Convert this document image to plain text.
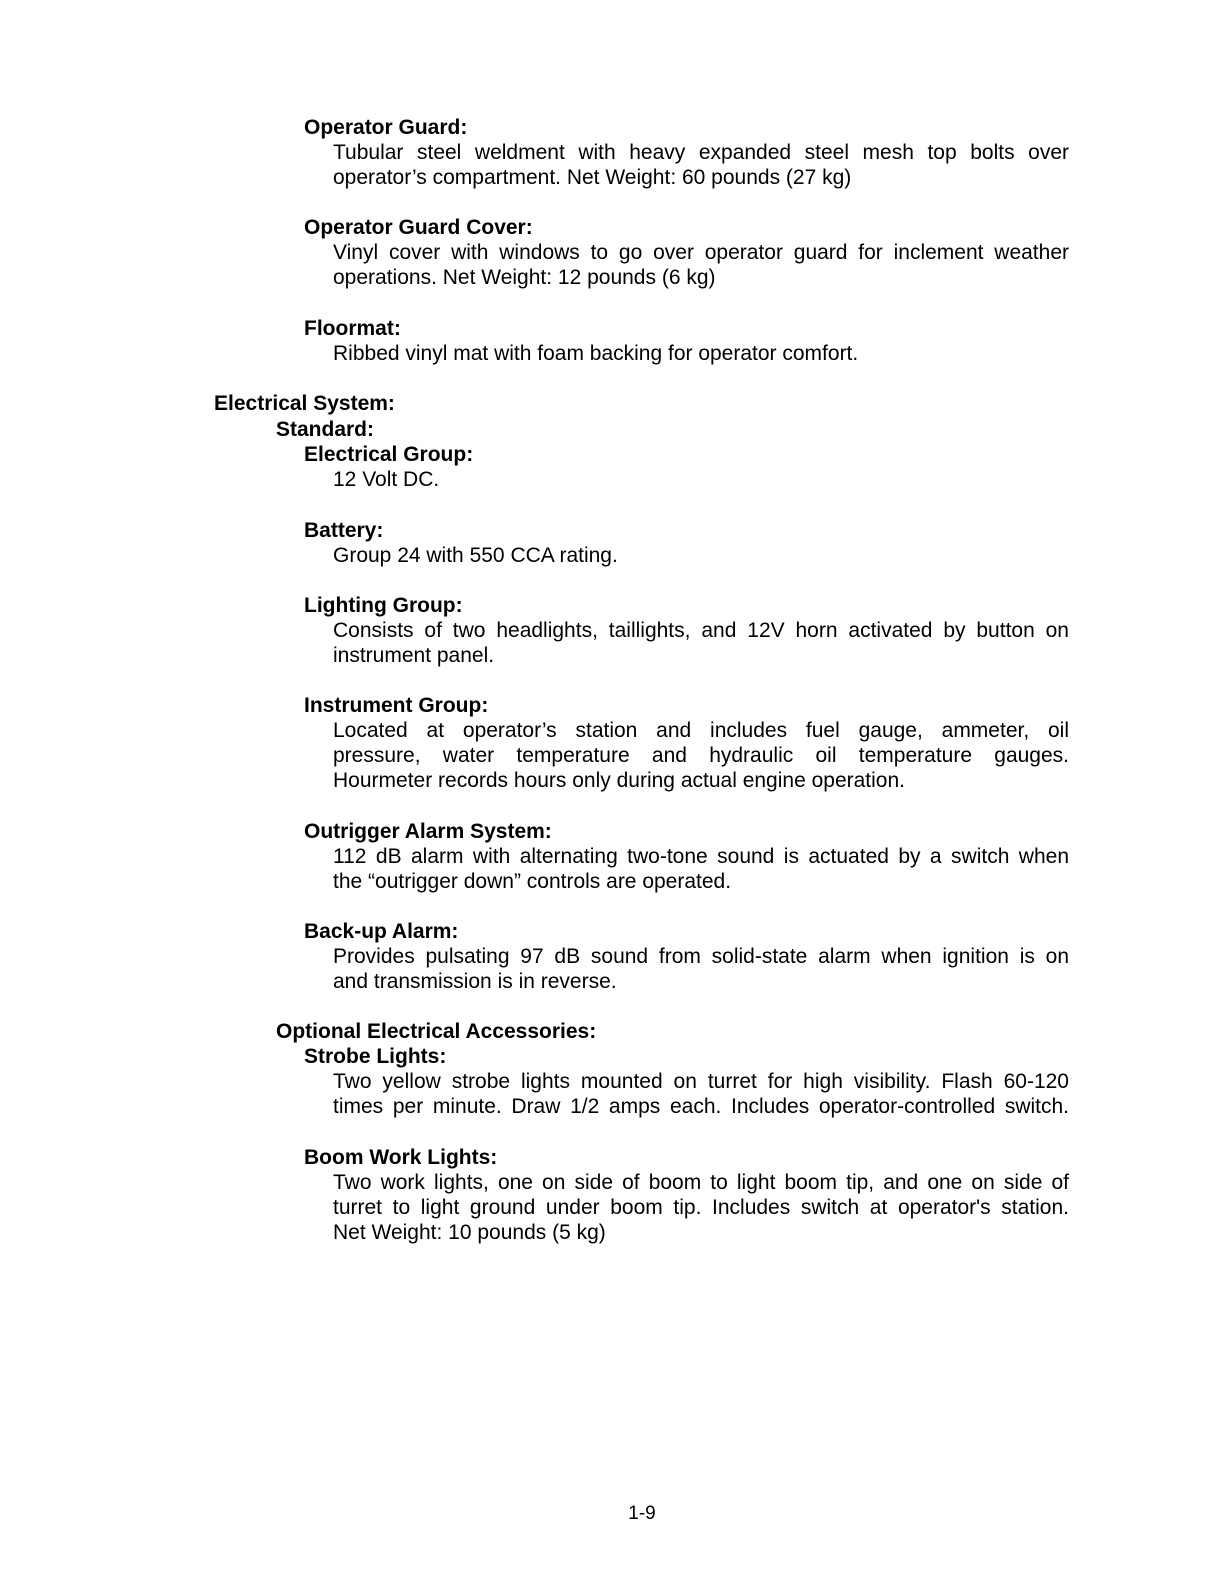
Operator Guard:
Tubular steel weldment with heavy expanded steel mesh top bolts over
operator’s compartment. Net Weight: 60 pounds (27 kg)
Operator Guard Cover:
Vinyl cover with windows to go over operator guard for inclement weather
operations. Net Weight: 12 pounds (6 kg)
Floormat:
Ribbed vinyl mat with foam backing for operator comfort.
Electrical System:
Standard:
Electrical Group:
12 Volt DC.
Battery:
Group 24 with 550 CCA rating.
Lighting Group:
Consists of two headlights, taillights, and 12V horn activated by button on
instrument panel.
Instrument Group:
Located at operator’s station and includes fuel gauge, ammeter, oil
pressure, water temperature and hydraulic oil temperature gauges.
Hourmeter records hours only during actual engine operation.
Outrigger Alarm System:
112 dB alarm with alternating two-tone sound is actuated by a switch when
the “outrigger down” controls are operated.
Back-up Alarm:
Provides pulsating 97 dB sound from solid-state alarm when ignition is on
and transmission is in reverse.
Optional Electrical Accessories:
Strobe Lights:
Two yellow strobe lights mounted on turret for high visibility. Flash 60-120
times per minute. Draw 1/2 amps each. Includes operator-controlled switch.
Boom Work Lights:
Two work lights, one on side of boom to light boom tip, and one on side of
turret to light ground under boom tip. Includes switch at operator's station.
Net Weight: 10 pounds (5 kg)
1-9
